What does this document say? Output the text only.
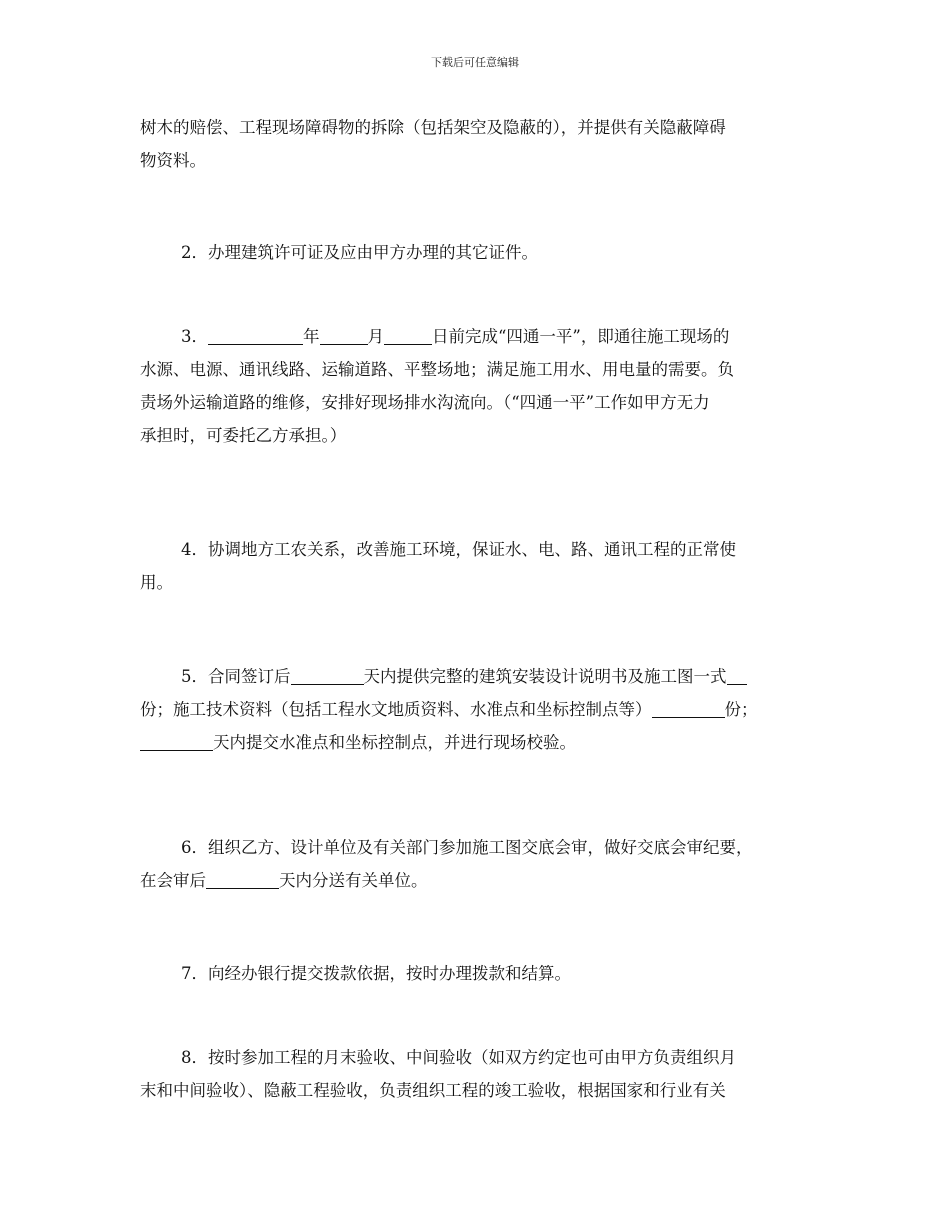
下载后可任意编辑
树木的赔偿、工程现场障碍物的拆除（包括架空及隐蔽的），并提供有关隐蔽障碍
物资料。
2．办理建筑许可证及应由甲方办理的其它证件。
3．	年	月	日前完成“四通一平”，即通往施工现场的
水源、电源、通讯线路、运输道路、平整场地；满足施工用水、用电量的需要。负
责场外运输道路的维修，安排好现场排水沟流向。（“四通一平”工作如甲方无力
承担时，可委托乙方承担。）
4．协调地方工农关系，改善施工环境，保证水、电、路、通讯工程的正常使
用。
5．合同签订后	天内提供完整的建筑安装设计说明书及施工图一式
份；施工技术资料（包括工程水文地质资料、水准点和坐标控制点等）	份；
天内提交水准点和坐标控制点，并进行现场校验。
6．组织乙方、设计单位及有关部门参加施工图交底会审，做好交底会审纪要，
在会审后	天内分送有关单位。
7．向经办银行提交拨款依据，按时办理拨款和结算。
8．按时参加工程的月末验收、中间验收（如双方约定也可由甲方负责组织月
末和中间验收）、隐蔽工程验收，负责组织工程的竣工验收，根据国家和行业有关
